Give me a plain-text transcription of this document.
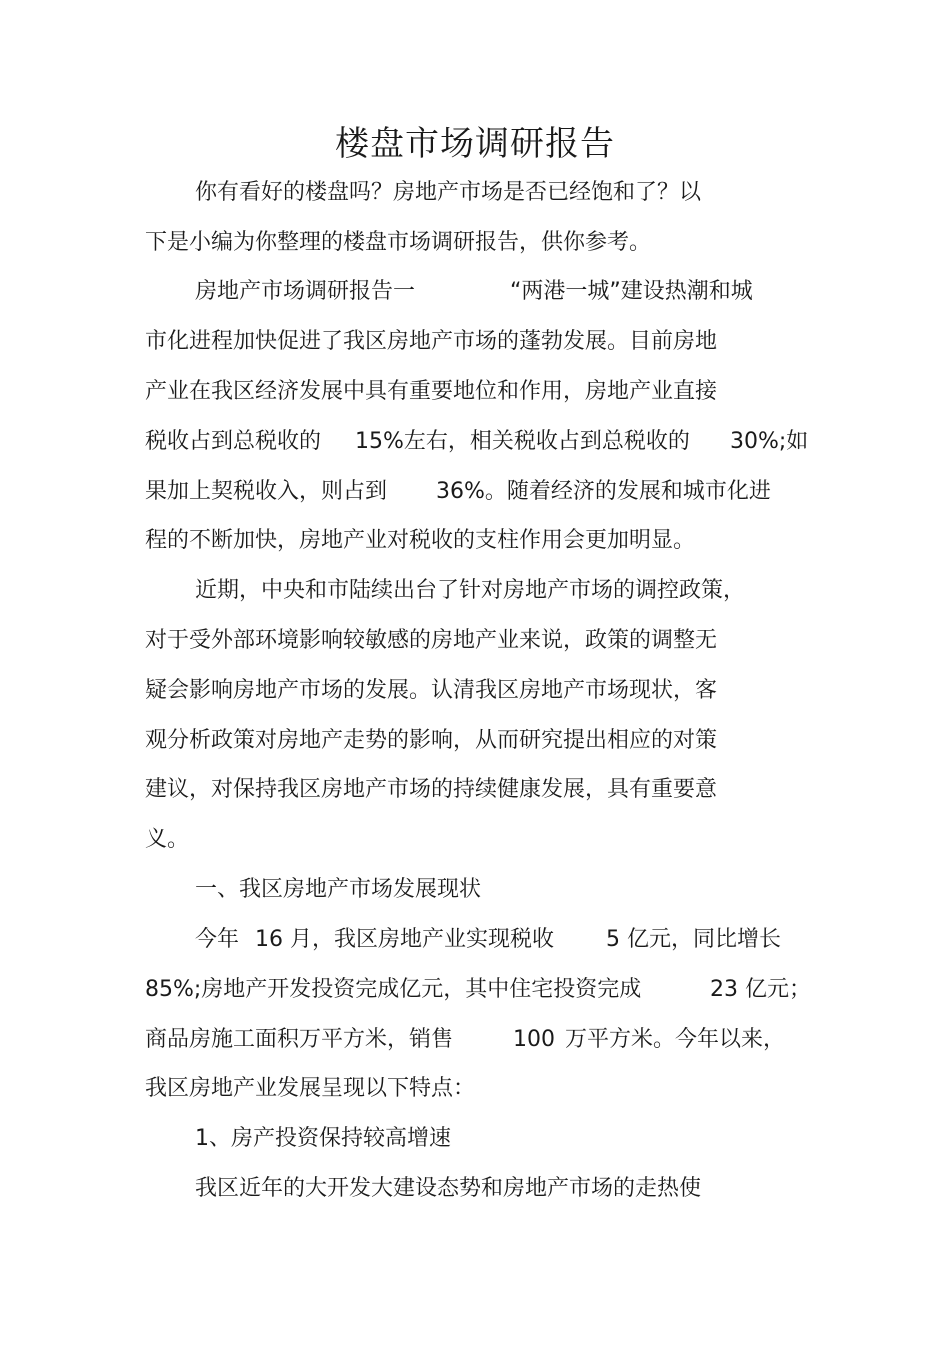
楼盘市场调研报告
你有看好的楼盘吗？房地产市场是否已经饱和了？以
下是小编为你整理的楼盘市场调研报告，供你参考。
房地产市场调研报告一	“两港一城”建设热潮和城
市化进程加快促进了我区房地产市场的蓬勃发展。目前房地
产业在我区经济发展中具有重要地位和作用，房地产业直接
税收占到总税收的 15%左右，相关税收占到总税收的 30%;如
果加上契税收入，则占到 36%。随着经济的发展和城市化进
程的不断加快，房地产业对税收的支柱作用会更加明显。
近期，中央和市陆续出台了针对房地产市场的调控政策，
对于受外部环境影响较敏感的房地产业来说，政策的调整无
疑会影响房地产市场的发展。认清我区房地产市场现状，客
观分析政策对房地产走势的影响，从而研究提出相应的对策
建议，对保持我区房地产市场的持续健康发展，具有重要意
义。
一、我区房地产市场发展现状
今年 16 月，我区房地产业实现税收 5 亿元，同比增长
85%;房地产开发投资完成亿元，其中住宅投资完成	23 亿元；
商品房施工面积万平方米，销售	100 万平方米。今年以来，
我区房地产业发展呈现以下特点：
1、房产投资保持较高增速
我区近年的大开发大建设态势和房地产市场的走热使
